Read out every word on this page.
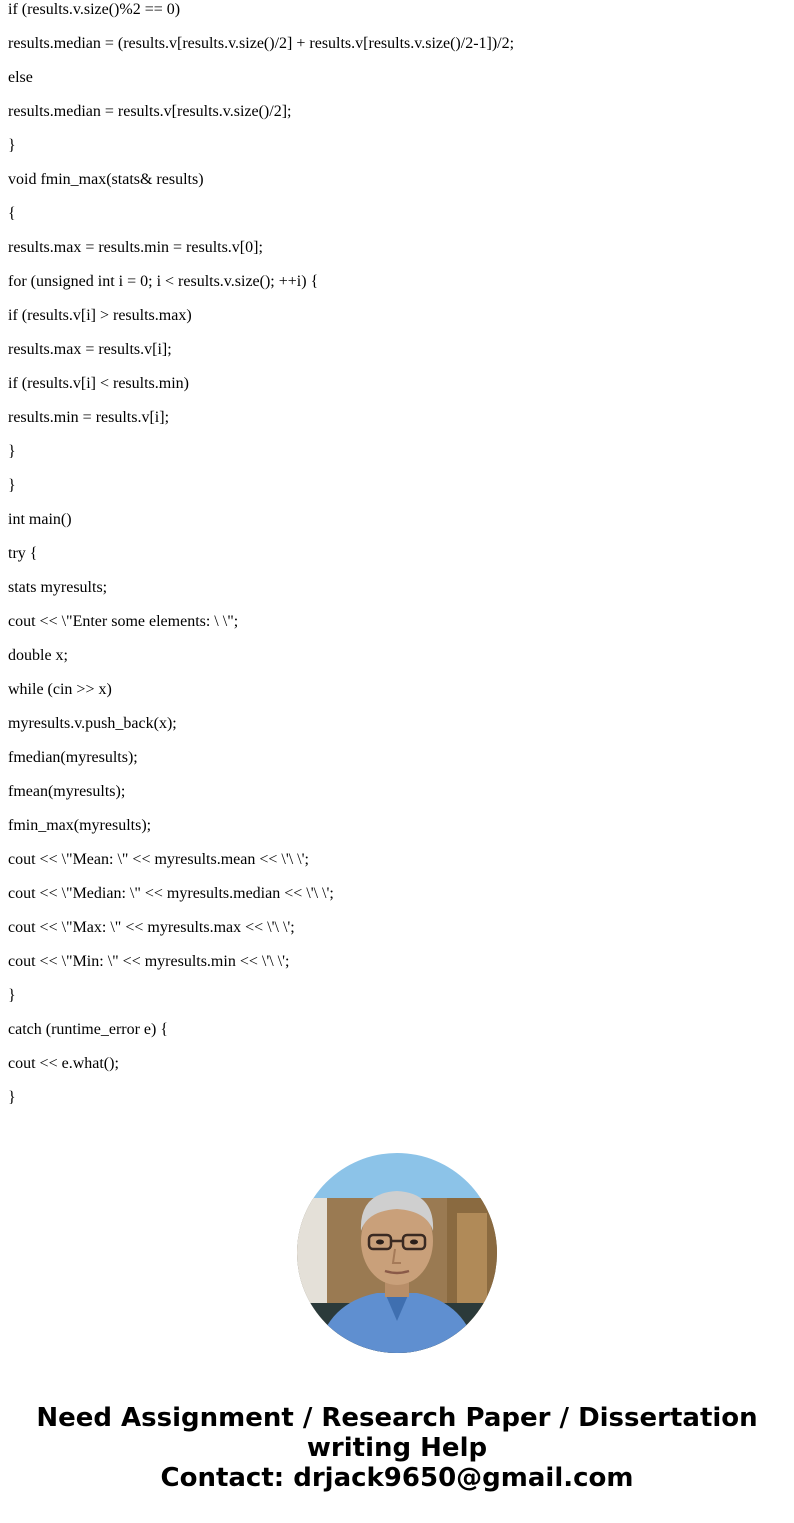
if (results.v.size()%2 == 0)
results.median = (results.v[results.v.size()/2] + results.v[results.v.size()/2-1])/2;
else
results.median = results.v[results.v.size()/2];
}
void fmin_max(stats& results)
{
results.max = results.min = results.v[0];
for (unsigned int i = 0; i < results.v.size(); ++i) {
if (results.v[i] > results.max)
results.max = results.v[i];
if (results.v[i] < results.min)
results.min = results.v[i];
}
}
int main()
try {
stats myresults;
cout << \"Enter some elements: \ \";
double x;
while (cin >> x)
myresults.v.push_back(x);
fmedian(myresults);
fmean(myresults);
fmin_max(myresults);
cout << \"Mean: \" << myresults.mean << \'\ \';
cout << \"Median: \" << myresults.median << \'\ \';
cout << \"Max: \" << myresults.max << \'\ \';
cout << \"Min: \" << myresults.min << \'\ \';
}
catch (runtime_error e) {
cout << e.what();
}
Need Assignment / Research Paper / Dissertation
writing Help
Contact: drjack9650@gmail.com
